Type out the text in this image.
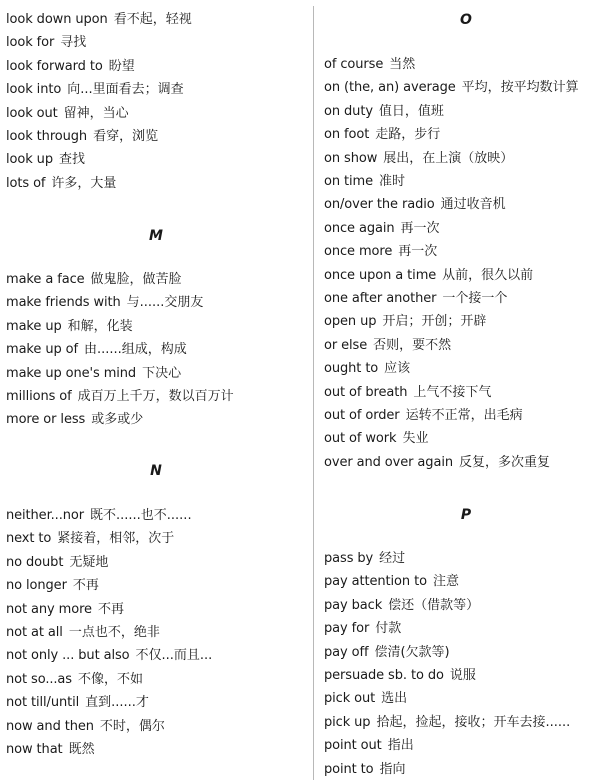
M
N
look down upon 看不起，轻视
look for 寻找
look forward to 盼望
look into 向...里面看去；调查
look out 留神，当心
look through 看穿，浏览
look up 查找
lots of 许多，大量
make a face 做鬼脸，做苦脸
make friends with 与......交朋友
make up 和解，化装
make up of 由......组成，构成
make up one's mind 下决心
millions of 成百万上千万，数以百万计
more or less 或多或少
neither...nor 既不......也不......
next to 紧接着，相邻，次于
no doubt 无疑地
no longer 不再
not any more 不再
not at all 一点也不，绝非
not only ... but also 不仅...而且...
not so...as 不像，不如
not till/until 直到......才
now and then 不时，偶尔
now that 既然
O
P
of course 当然
on (the, an) average 平均，按平均数计算
on duty 值日，值班
on foot 走路，步行
on show 展出，在上演（放映）
on time 准时
on/over the radio 通过收音机
once again 再一次
once more 再一次
once upon a time 从前，很久以前
one after another 一个接一个
open up 开启；开创；开辟
or else 否则，要不然
ought to 应该
out of breath 上气不接下气
out of order 运转不正常，出毛病
out of work 失业
over and over again 反复，多次重复
pass by 经过
pay attention to 注意
pay back 偿还（借款等）
pay for 付款
pay off 偿清(欠款等)
persuade sb. to do 说服
pick out 选出
pick up 拾起，捡起，接收；开车去接......
point out 指出
point to 指向
